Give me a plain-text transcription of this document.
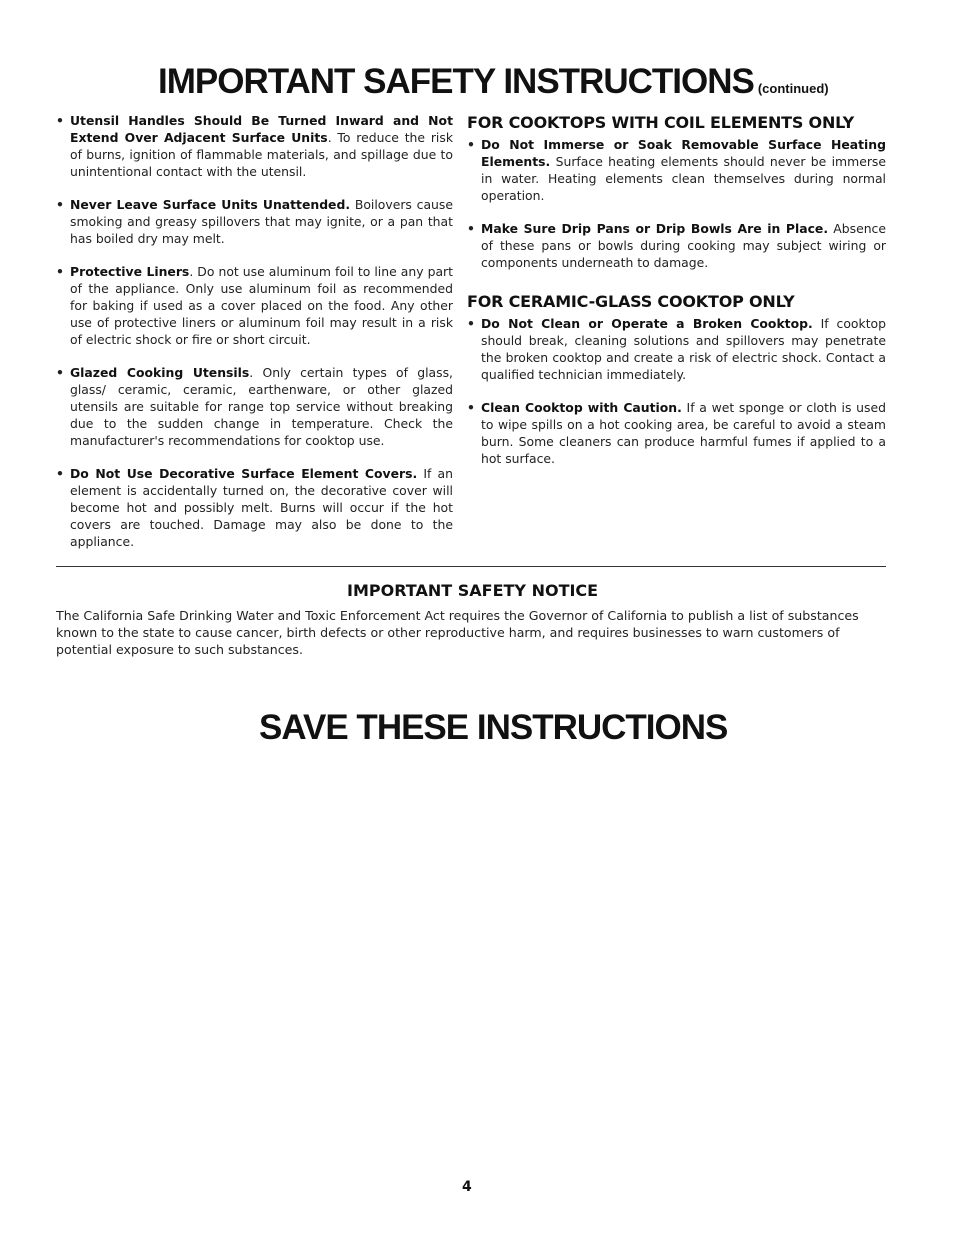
IMPORTANT SAFETY INSTRUCTIONS (continued)

• Utensil Handles Should Be Turned Inward and Not Extend Over Adjacent Surface Units. To reduce the risk of burns, ignition of flammable materials, and spillage due to unintentional contact with the utensil.

• Never Leave Surface Units Unattended. Boilovers cause smoking and greasy spillovers that may ignite, or a pan that has boiled dry may melt.

• Protective Liners. Do not use aluminum foil to line any part of the appliance. Only use aluminum foil as recommended for baking if used as a cover placed on the food. Any other use of protective liners or aluminum foil may result in a risk of electric shock or fire or short circuit.

• Glazed Cooking Utensils. Only certain types of glass, glass/ ceramic, ceramic, earthenware, or other glazed utensils are suitable for range top service without breaking due to the sudden change in temperature. Check the manufacturer's recommendations for cooktop use.

• Do Not Use Decorative Surface Element Covers. If an element is accidentally turned on, the decorative cover will become hot and possibly melt. Burns will occur if the hot covers are touched. Damage may also be done to the appliance.

FOR COOKTOPS WITH COIL ELEMENTS ONLY

• Do Not Immerse or Soak Removable Surface Heating Elements. Surface heating elements should never be immerse in water. Heating elements clean themselves during normal operation.

• Make Sure Drip Pans or Drip Bowls Are in Place. Absence of these pans or bowls during cooking may subject wiring or components underneath to damage.

FOR CERAMIC-GLASS COOKTOP ONLY

• Do Not Clean or Operate a Broken Cooktop. If cooktop should break, cleaning solutions and spillovers may penetrate the broken cooktop and create a risk of electric shock. Contact a qualified technician immediately.

• Clean Cooktop with Caution. If a wet sponge or cloth is used to wipe spills on a hot cooking area, be careful to avoid a steam burn. Some cleaners can produce harmful fumes if applied to a hot surface.

IMPORTANT SAFETY NOTICE

The California Safe Drinking Water and Toxic Enforcement Act requires the Governor of California to publish a list of substances known to the state to cause cancer, birth defects or other reproductive harm, and requires businesses to warn customers of potential exposure to such substances.

SAVE THESE INSTRUCTIONS
4
